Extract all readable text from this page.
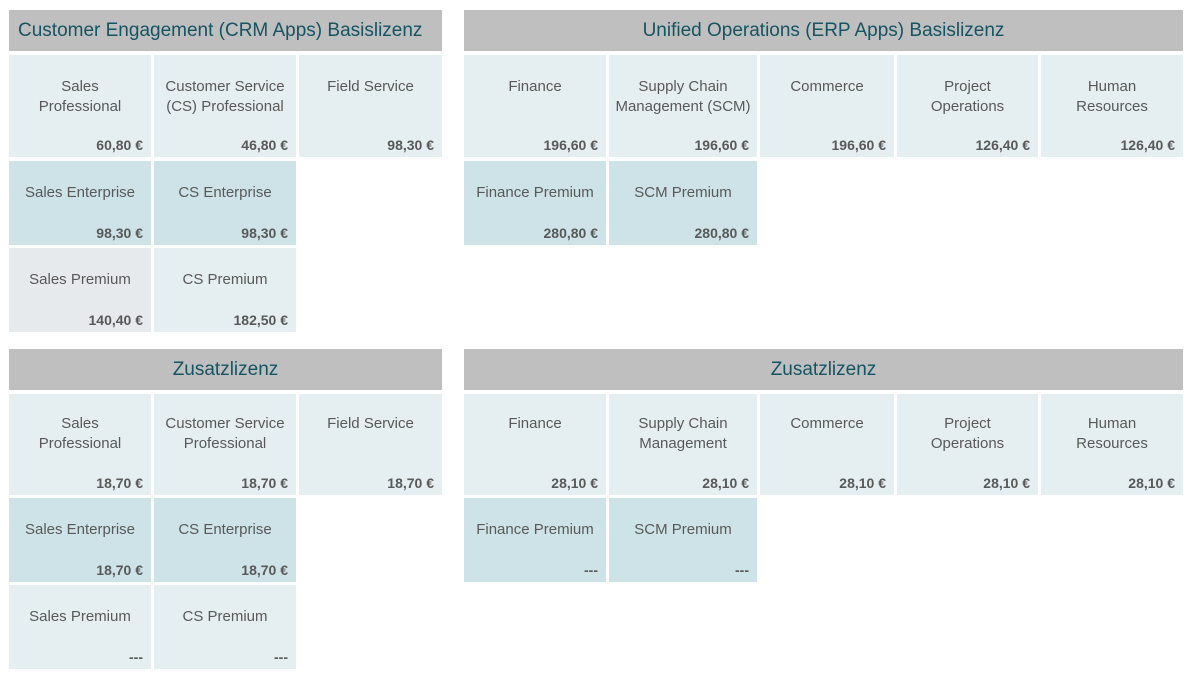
Customer Engagement (CRM Apps) Basislizenz
Sales
Professional
60,80 €
Customer Service
(CS) Professional
46,80 €
Field Service
98,30 €
Sales Enterprise
98,30 €
CS Enterprise
98,30 €
Sales Premium
140,40 €
CS Premium
182,50 €
Unified Operations (ERP Apps) Basislizenz
Finance
196,60 €
Supply Chain
Management (SCM)
196,60 €
Commerce
196,60 €
Project
Operations
126,40 €
Human
Resources
126,40 €
Finance Premium
280,80 €
SCM Premium
280,80 €
Zusatzlizenz
Sales
Professional
18,70 €
Customer Service
Professional
18,70 €
Field Service
18,70 €
Sales Enterprise
18,70 €
CS Enterprise
18,70 €
Sales Premium
---
CS Premium
---
Zusatzlizenz
Finance
28,10 €
Supply Chain
Management
28,10 €
Commerce
28,10 €
Project
Operations
28,10 €
Human
Resources
28,10 €
Finance Premium
---
SCM Premium
---
